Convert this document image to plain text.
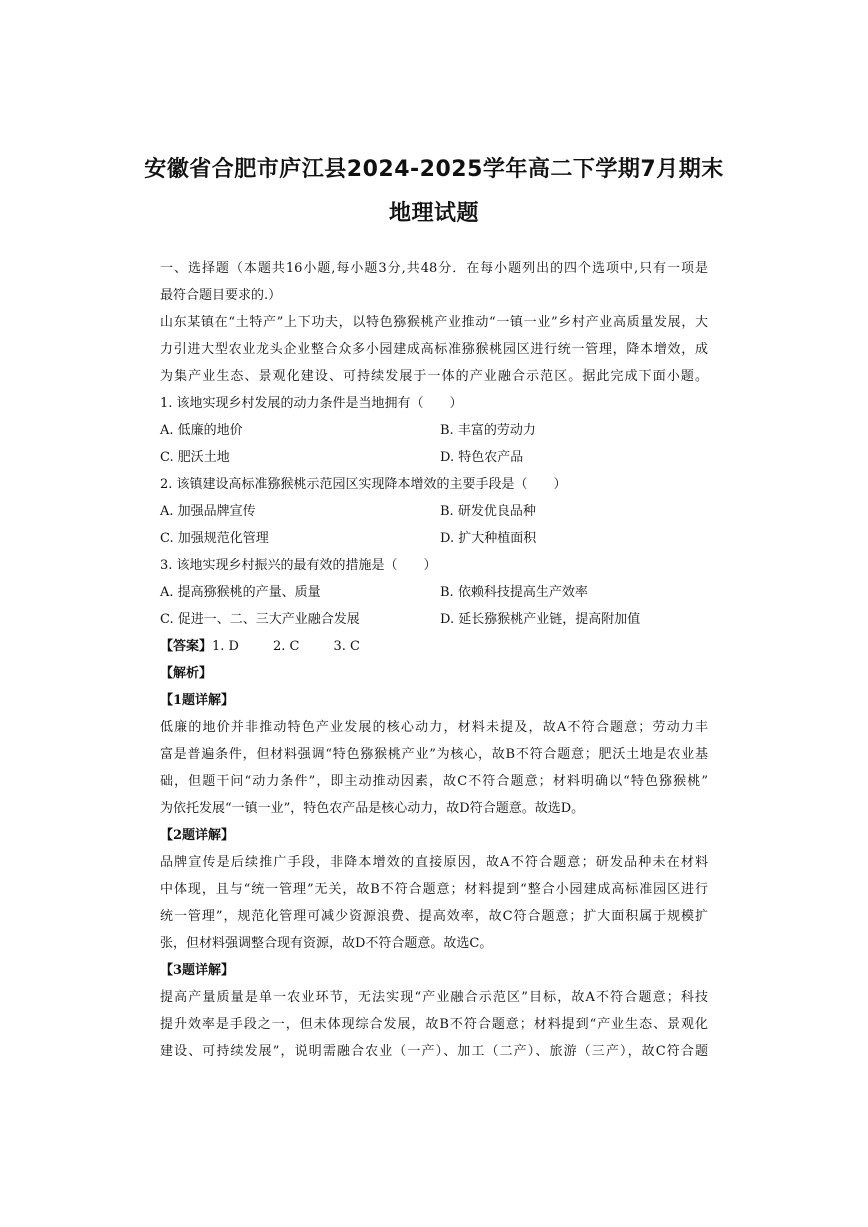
安徽省合肥市庐江县2024-2025学年高二下学期7月期末
地理试题
一、选择题（本题共16小题,每小题3分,共48分．在每小题列出的四个选项中,只有一项是
最符合题目要求的.）
山东某镇在“土特产”上下功夫，以特色猕猴桃产业推动“一镇一业”乡村产业高质量发展，大
力引进大型农业龙头企业整合众多小园建成高标准猕猴桃园区进行统一管理，降本增效，成
为集产业生态、景观化建设、可持续发展于一体的产业融合示范区。据此完成下面小题。
1. 该地实现乡村发展的动力条件是当地拥有（　　）
A. 低廉的地价	B. 丰富的劳动力
C. 肥沃土地	D. 特色农产品
2. 该镇建设高标准猕猴桃示范园区实现降本增效的主要手段是（　　）
A. 加强品牌宣传	B. 研发优良品种
C. 加强规范化管理	D. 扩大种植面积
3. 该地实现乡村振兴的最有效的措施是（　　）
A. 提高猕猴桃的产量、质量	B. 依赖科技提高生产效率
C. 促进一、二、三大产业融合发展	D. 延长猕猴桃产业链，提高附加值
【答案】1. D	2. C	3. C
【解析】
【1题详解】
低廉的地价并非推动特色产业发展的核心动力，材料未提及，故A不符合题意；劳动力丰
富是普遍条件，但材料强调“特色猕猴桃产业”为核心，故B不符合题意；肥沃土地是农业基
础，但题干问“动力条件”，即主动推动因素，故C不符合题意；材料明确以“特色猕猴桃”
为依托发展“一镇一业”，特色农产品是核心动力，故D符合题意。故选D。
【2题详解】
品牌宣传是后续推广手段，非降本增效的直接原因，故A不符合题意；研发品种未在材料
中体现，且与“统一管理”无关，故B不符合题意；材料提到“整合小园建成高标准园区进行
统一管理”，规范化管理可减少资源浪费、提高效率，故C符合题意；扩大面积属于规模扩
张，但材料强调整合现有资源，故D不符合题意。故选C。
【3题详解】
提高产量质量是单一农业环节，无法实现“产业融合示范区”目标，故A不符合题意；科技
提升效率是手段之一，但未体现综合发展，故B不符合题意；材料提到“产业生态、景观化
建设、可持续发展”，说明需融合农业（一产）、加工（二产）、旅游（三产），故C符合题
